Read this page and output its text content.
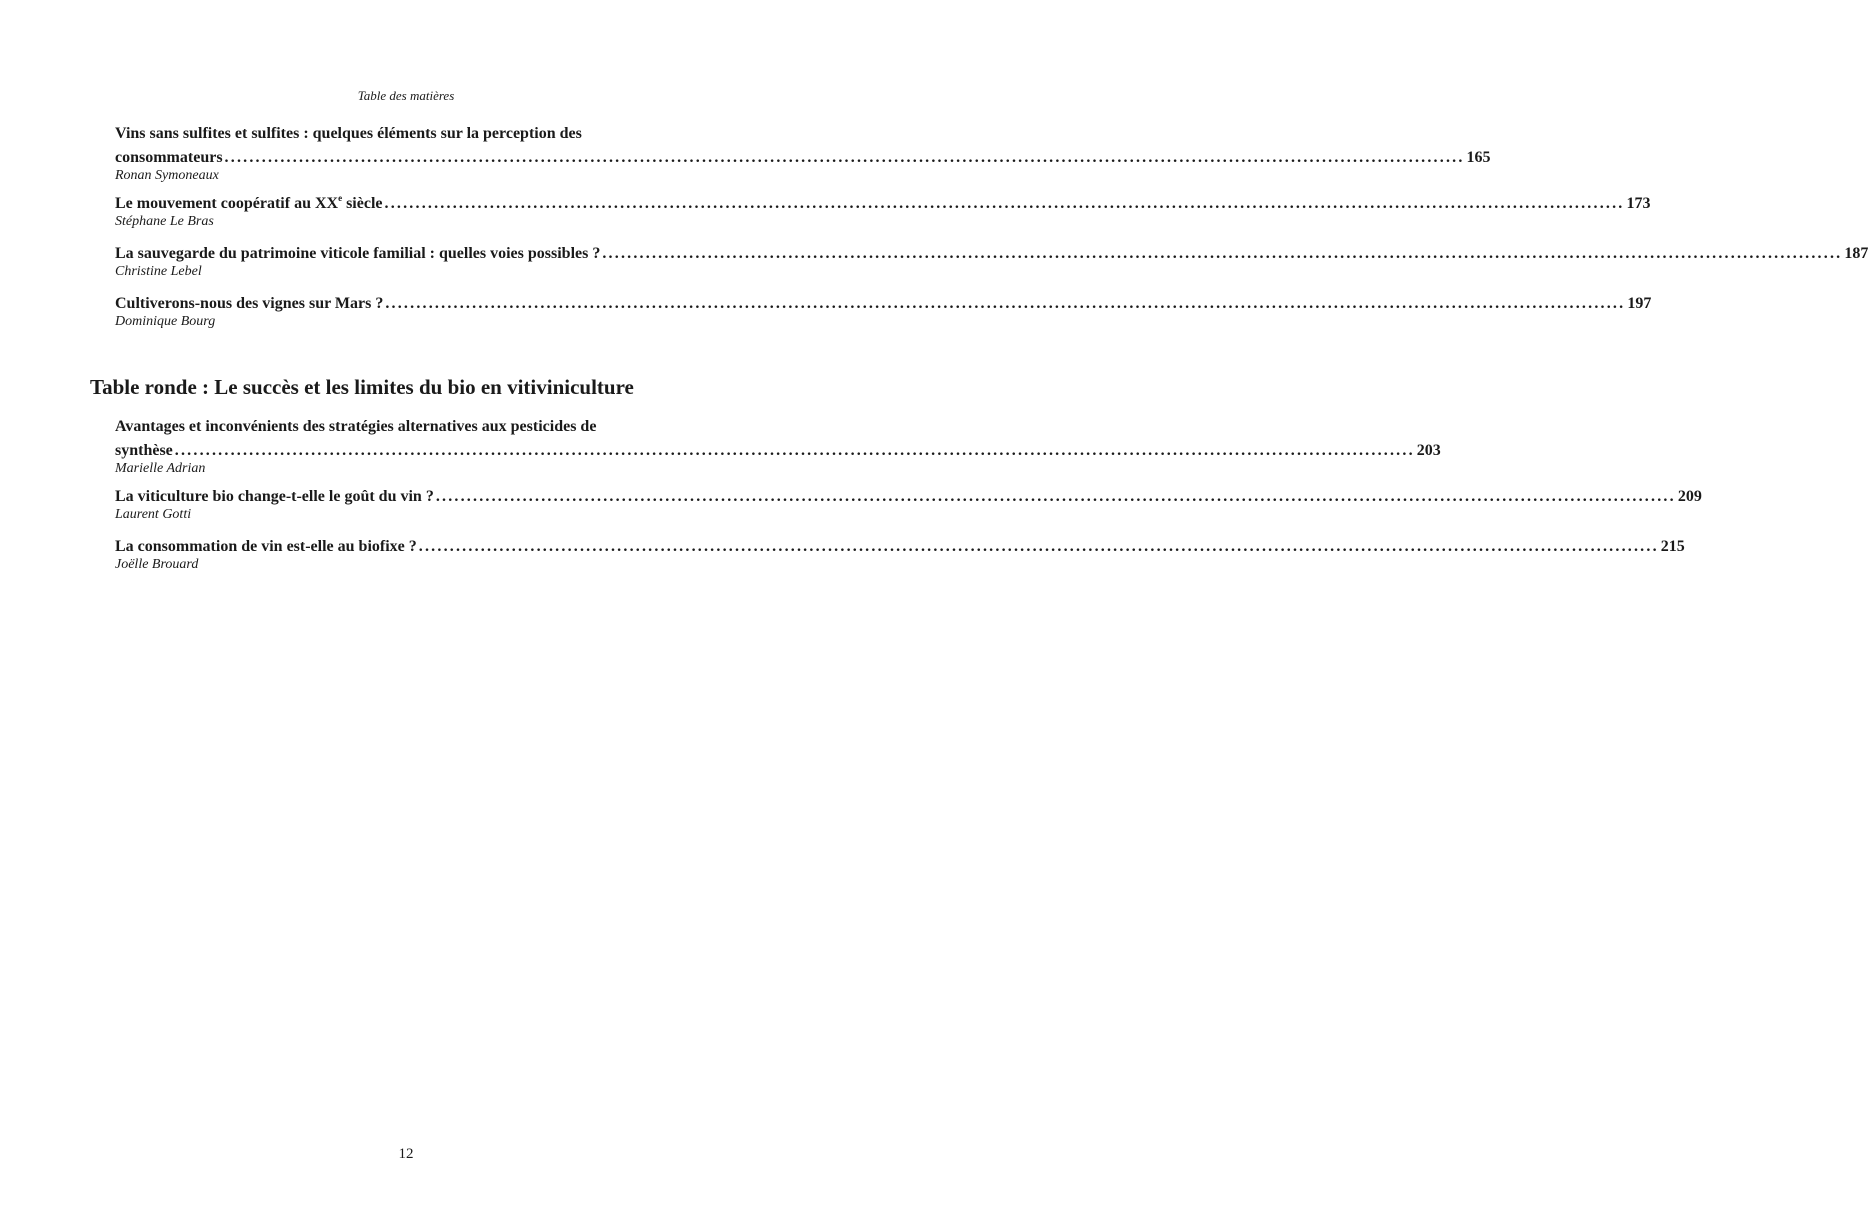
Table des matières
Vins sans sulfites et sulfites : quelques éléments sur la perception des
consommateurs ........................................................................................................................................................................................................ 165
Ronan Symoneaux
Le mouvement coopératif au XXe siècle ........................................................................................................................................................................................................ 173
Stéphane Le Bras
La sauvegarde du patrimoine viticole familial : quelles voies possibles ? ........................................................................................................................................................................................................ 187
Christine Lebel
Cultiverons-nous des vignes sur Mars ? ........................................................................................................................................................................................................ 197
Dominique Bourg
Table ronde : Le succès et les limites du bio en vitiviniculture
Avantages et inconvénients des stratégies alternatives aux pesticides de
synthèse ........................................................................................................................................................................................................ 203
Marielle Adrian
La viticulture bio change-t-elle le goût du vin ? ........................................................................................................................................................................................................ 209
Laurent Gotti
La consommation de vin est-elle au biofixe ? ........................................................................................................................................................................................................ 215
Joëlle Brouard
12
